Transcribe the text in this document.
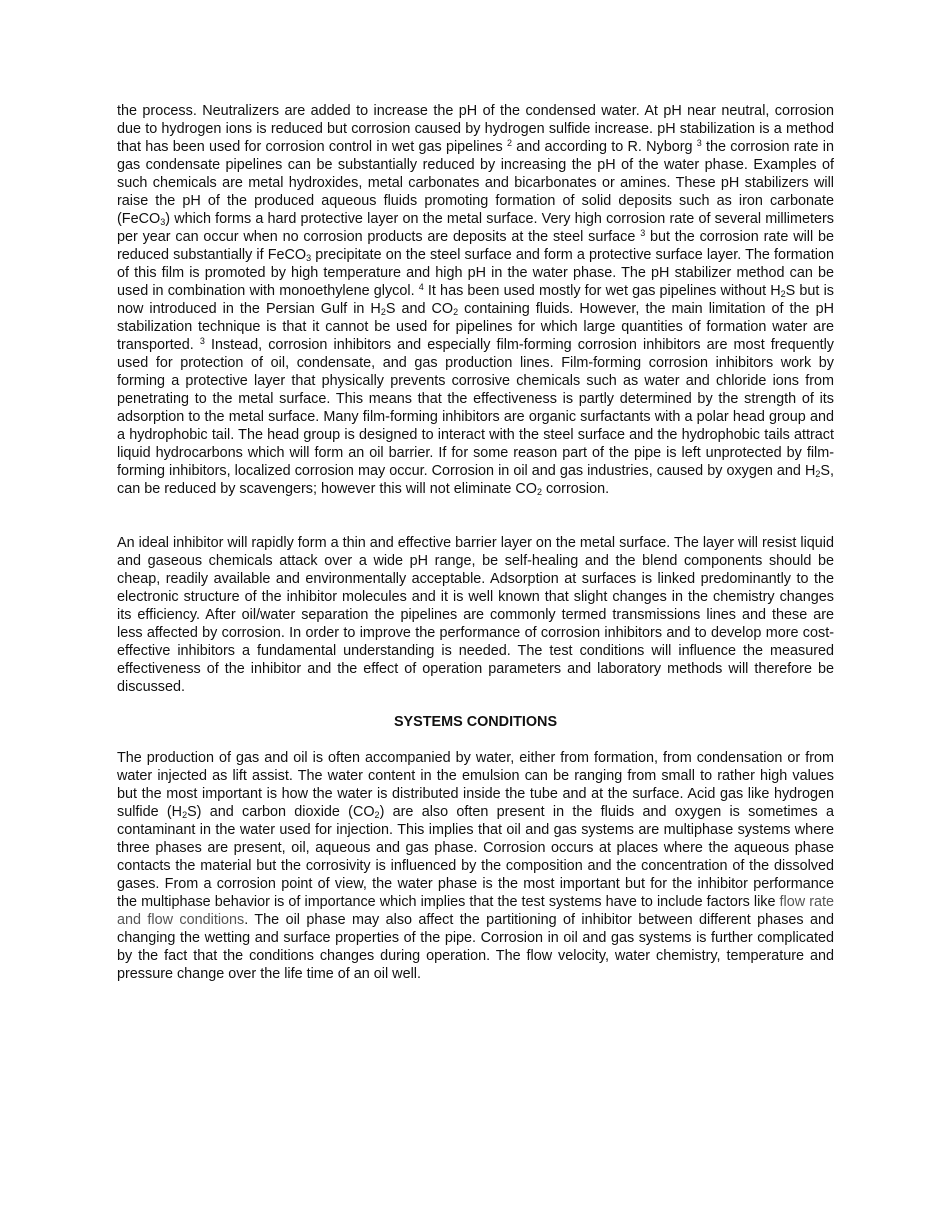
the process. Neutralizers are added to increase the pH of the condensed water. At pH near neutral, corrosion due to hydrogen ions is reduced but corrosion caused by hydrogen sulfide increase. pH stabilization is a method that has been used for corrosion control in wet gas pipelines $^2$ and according to R. Nyborg $^3$ the corrosion rate in gas condensate pipelines can be substantially reduced by increasing the pH of the water phase. Examples of such chemicals are metal hydroxides, metal carbonates and bicarbonates or amines. These pH stabilizers will raise the pH of the produced aqueous fluids promoting formation of solid deposits such as iron carbonate (FeCO$_3$) which forms a hard protective layer on the metal surface. Very high corrosion rate of several millimeters per year can occur when no corrosion products are deposits at the steel surface $^3$ but the corrosion rate will be reduced substantially if FeCO$_3$ precipitate on the steel surface and form a protective surface layer. The formation of this film is promoted by high temperature and high pH in the water phase. The pH stabilizer method can be used in combination with monoethylene glycol. $^4$ It has been used mostly for wet gas pipelines without $H_2S$ but is now introduced in the Persian Gulf in $H_2S$ and $CO_2$ containing fluids. However, the main limitation of the pH stabilization technique is that it cannot be used for pipelines for which large quantities of formation water are transported. $^3$ Instead, corrosion inhibitors and especially film-forming corrosion inhibitors are most frequently used for protection of oil, condensate, and gas production lines. Film-forming corrosion inhibitors work by forming a protective layer that physically prevents corrosive chemicals such as water and chloride ions from penetrating to the metal surface. This means that the effectiveness is partly determined by the strength of its adsorption to the metal surface. Many film-forming inhibitors are organic surfactants with a polar head group and a hydrophobic tail. The head group is designed to interact with the steel surface and the hydrophobic tails attract liquid hydrocarbons which will form an oil barrier. If for some reason part of the pipe is left unprotected by film-forming inhibitors, localized corrosion may occur. Corrosion in oil and gas industries, caused by oxygen and $H_2S$, can be reduced by scavengers; however this will not eliminate $CO_2$ corrosion.

An ideal inhibitor will rapidly form a thin and effective barrier layer on the metal surface. The layer will resist liquid and gaseous chemicals attack over a wide pH range, be self-healing and the blend components should be cheap, readily available and environmentally acceptable. Adsorption at surfaces is linked predominantly to the electronic structure of the inhibitor molecules and it is well known that slight changes in the chemistry changes its efficiency. After oil/water separation the pipelines are commonly termed transmissions lines and these are less affected by corrosion. In order to improve the performance of corrosion inhibitors and to develop more cost-effective inhibitors a fundamental understanding is needed. The test conditions will influence the measured effectiveness of the inhibitor and the effect of operation parameters and laboratory methods will therefore be discussed.

SYSTEMS CONDITIONS

The production of gas and oil is often accompanied by water, either from formation, from condensation or from water injected as lift assist. The water content in the emulsion can be ranging from small to rather high values but the most important is how the water is distributed inside the tube and at the surface. Acid gas like hydrogen sulfide $(H_2S)$ and carbon dioxide $(CO_2)$ are also often present in the fluids and oxygen is sometimes a contaminant in the water used for injection. This implies that oil and gas systems are multiphase systems where three phases are present, oil, aqueous and gas phase. Corrosion occurs at places where the aqueous phase contacts the material but the corrosivity is influenced by the composition and the concentration of the dissolved gases. From a corrosion point of view, the water phase is the most important but for the inhibitor performance the multiphase behavior is of importance which implies that the test systems have to include factors like flow rate and flow conditions. The oil phase may also affect the partitioning of inhibitor between different phases and changing the wetting and surface properties of the pipe. Corrosion in oil and gas systems is further complicated by the fact that the conditions changes during operation. The flow velocity, water chemistry, temperature and pressure change over the life time of an oil well.
